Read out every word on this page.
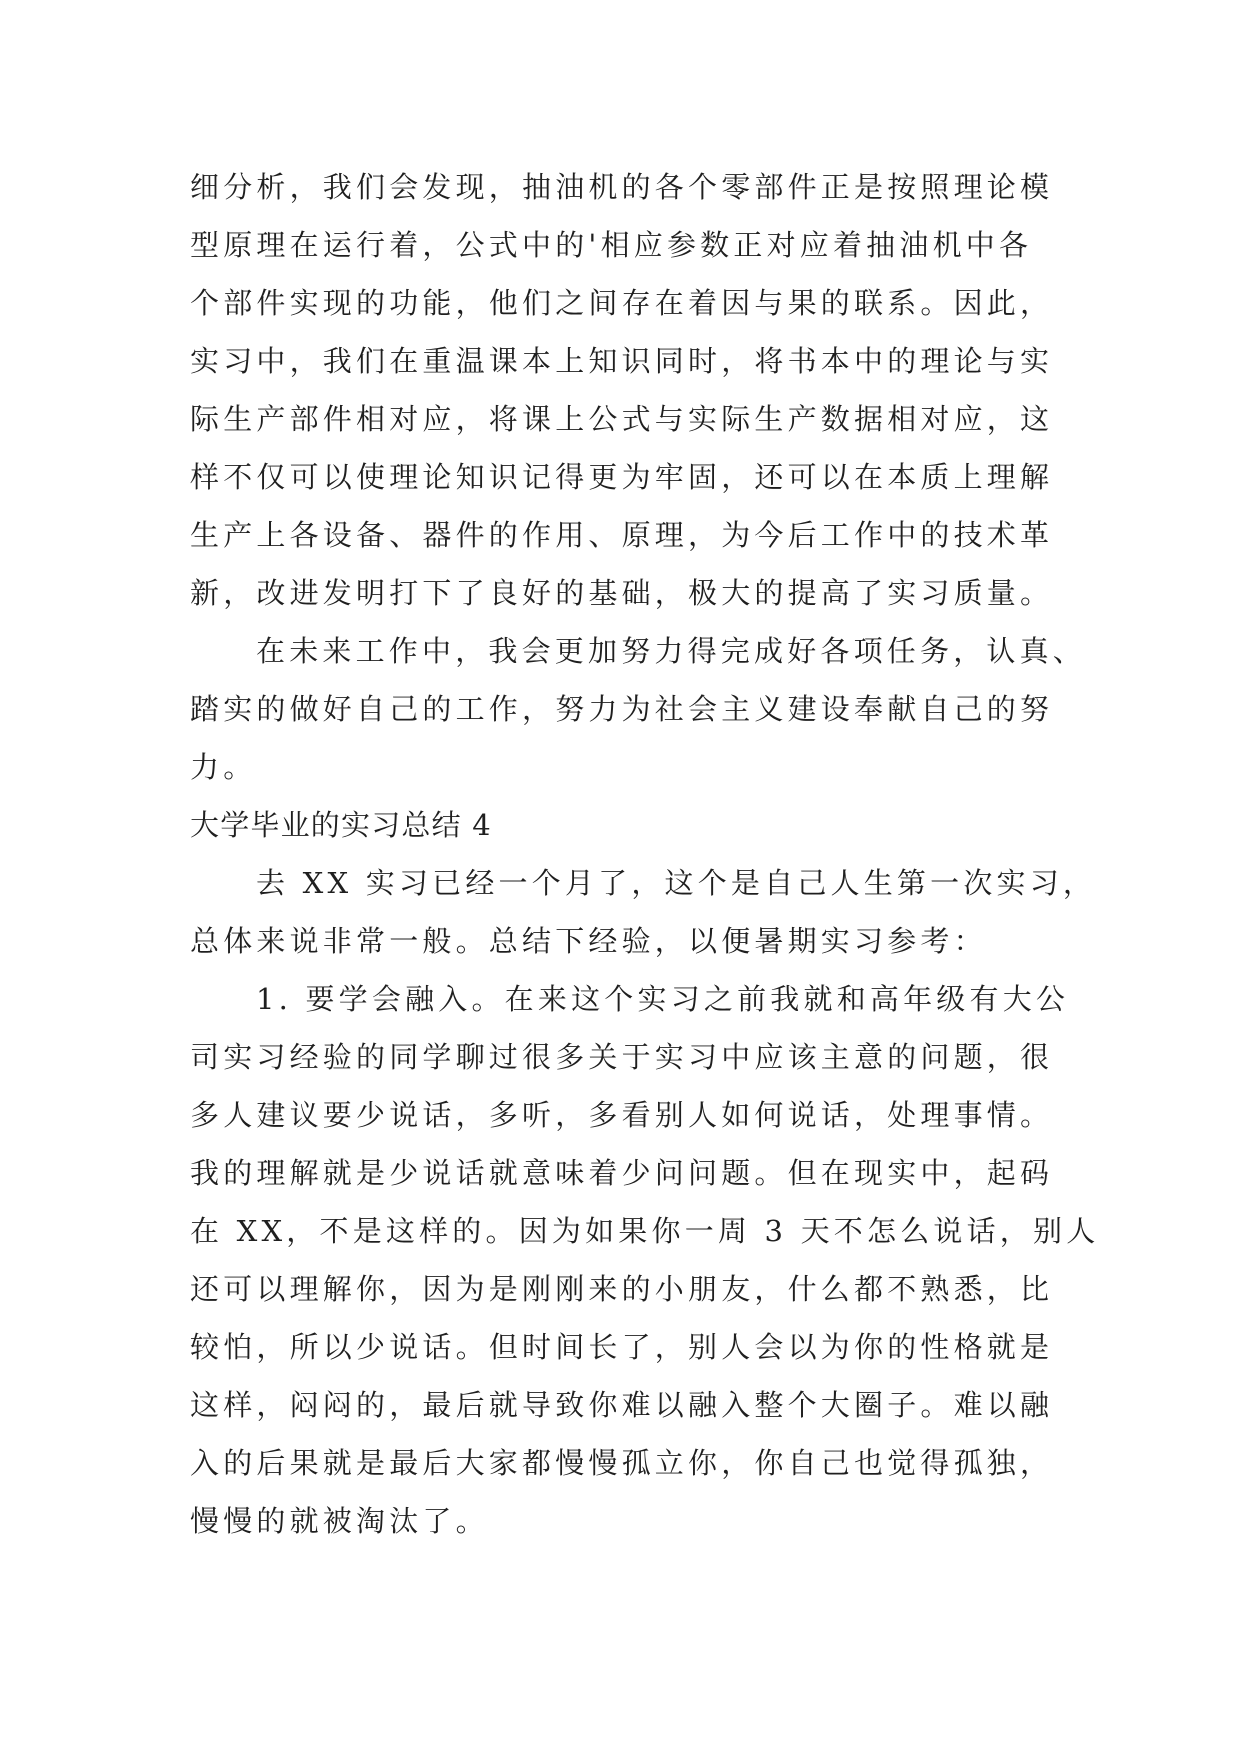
细分析，我们会发现，抽油机的各个零部件正是按照理论模
型原理在运行着，公式中的'相应参数正对应着抽油机中各
个部件实现的功能，他们之间存在着因与果的联系。因此，
实习中，我们在重温课本上知识同时，将书本中的理论与实
际生产部件相对应，将课上公式与实际生产数据相对应，这
样不仅可以使理论知识记得更为牢固，还可以在本质上理解
生产上各设备、器件的作用、原理，为今后工作中的技术革
新，改进发明打下了良好的基础，极大的提高了实习质量。
在未来工作中，我会更加努力得完成好各项任务，认真、
踏实的做好自己的工作，努力为社会主义建设奉献自己的努
力。
大学毕业的实习总结 4
去 XX 实习已经一个月了，这个是自己人生第一次实习，
总体来说非常一般。总结下经验，以便暑期实习参考：
1. 要学会融入。在来这个实习之前我就和高年级有大公
司实习经验的同学聊过很多关于实习中应该主意的问题，很
多人建议要少说话，多听，多看别人如何说话，处理事情。
我的理解就是少说话就意味着少问问题。但在现实中，起码
在 XX，不是这样的。因为如果你一周 3 天不怎么说话，别人
还可以理解你，因为是刚刚来的小朋友，什么都不熟悉，比
较怕，所以少说话。但时间长了，别人会以为你的性格就是
这样，闷闷的，最后就导致你难以融入整个大圈子。难以融
入的后果就是最后大家都慢慢孤立你，你自己也觉得孤独，
慢慢的就被淘汰了。
